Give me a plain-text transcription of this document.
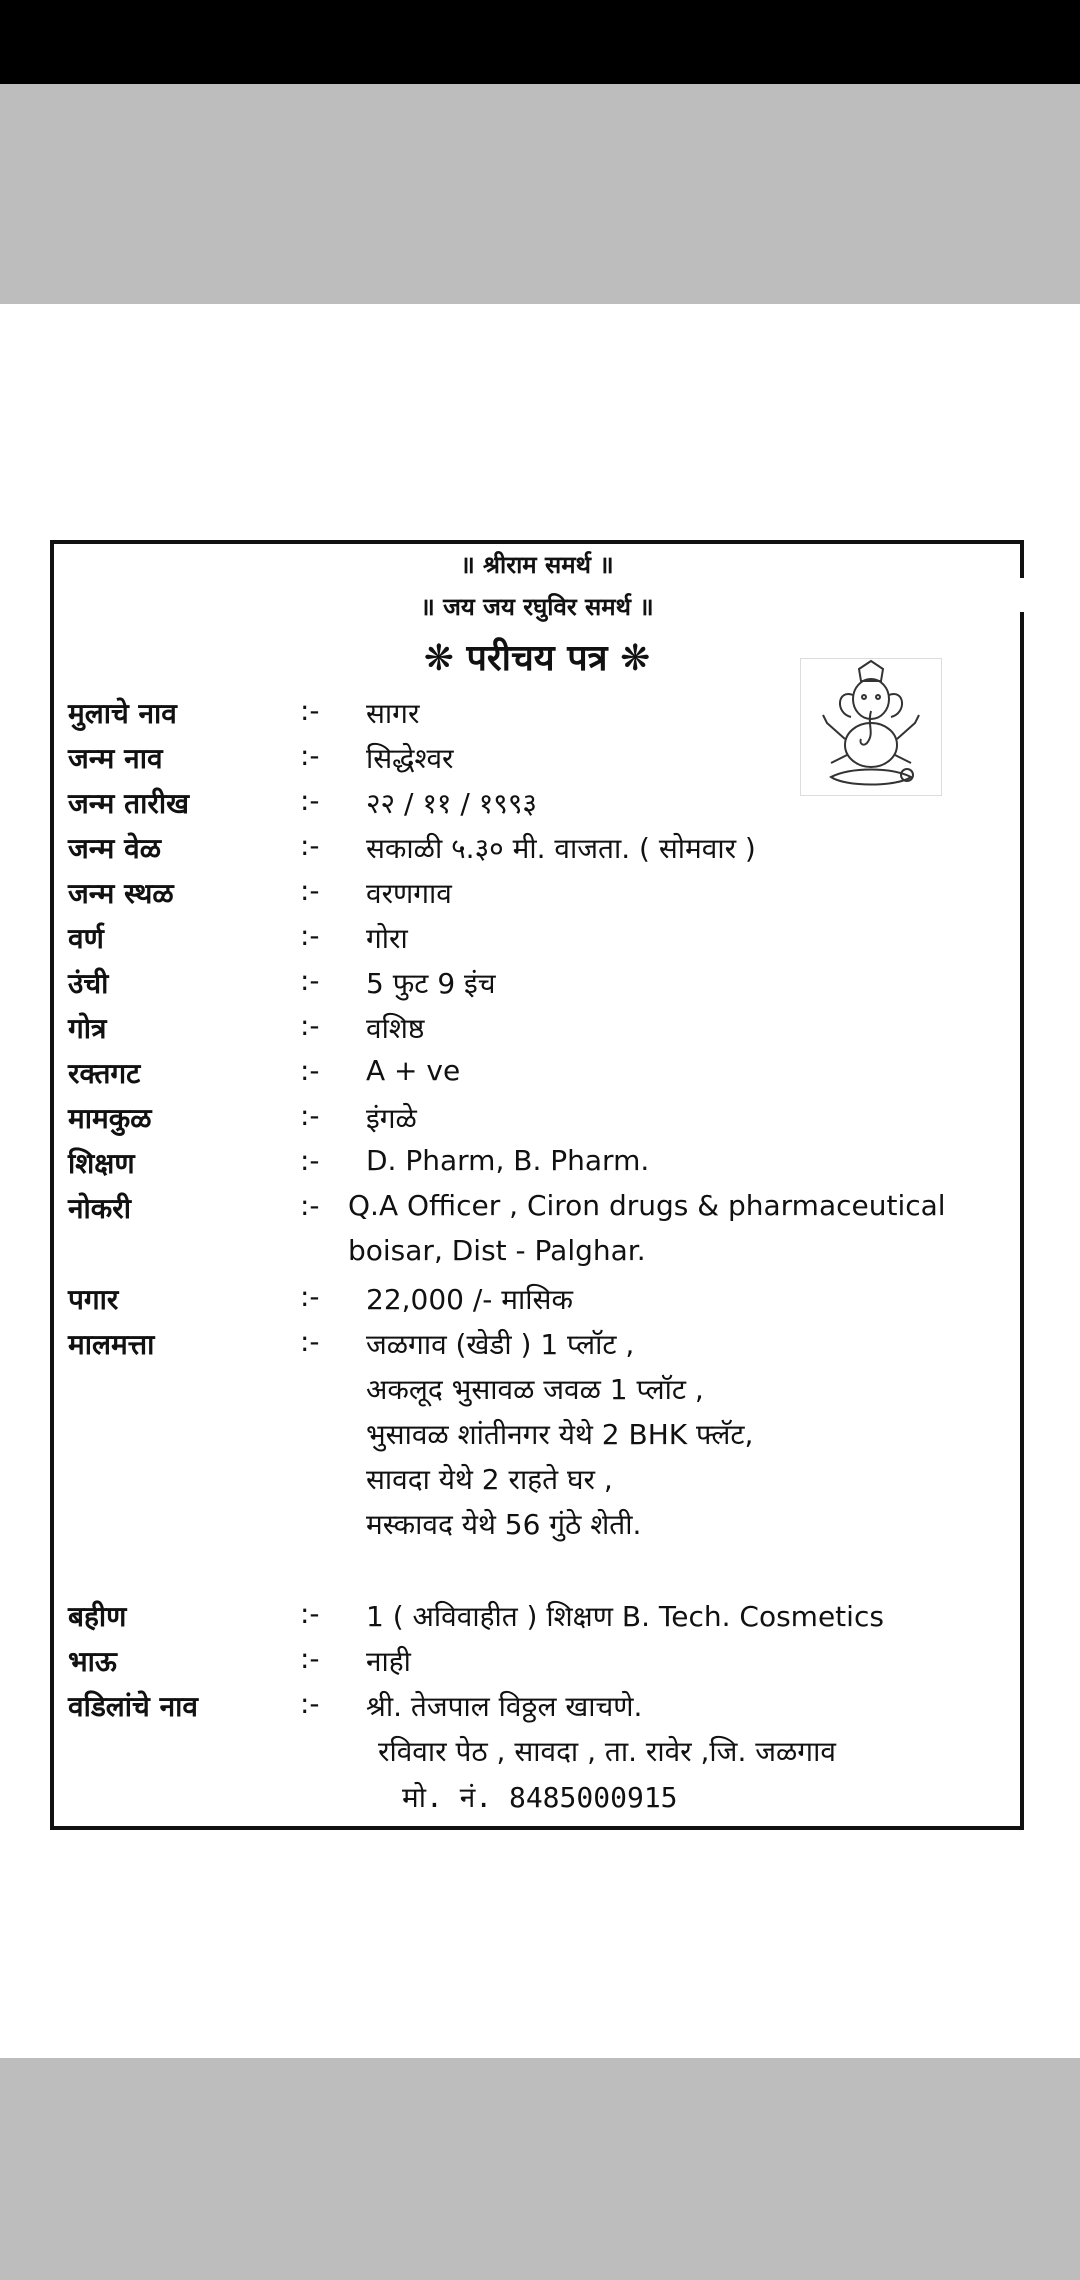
॥ श्रीराम समर्थ ॥
॥ जय जय रघुविर समर्थ ॥
❋ परीचय पत्र ❋
मुलाचे नाव	:- सागर
जन्म नाव	:- सिद्धेश्वर
जन्म तारीख	:- २२ / ११ / १९९३
जन्म वेळ	:- सकाळी ५.३० मी. वाजता. ( सोमवार )
जन्म स्थळ	:- वरणगाव
वर्ण	:- गोरा
उंची	:- 5 फुट 9 इंच
गोत्र	:- वशिष्ठ
रक्तगट	:- A + ve
मामकुळ	:- इंगळे
शिक्षण	:- D. Pharm, B. Pharm.
नोकरी	:- Q.A Officer , Ciron drugs & pharmaceutical
boisar, Dist - Palghar.
पगार	:- 22,000 /- मासिक
मालमत्ता	:- जळगाव (खेडी ) 1 प्लॉट ,
अकलूद भुसावळ जवळ 1 प्लॉट ,
भुसावळ शांतीनगर येथे 2 BHK फ्लॅट,
सावदा येथे 2 राहते घर ,
मस्कावद येथे 56 गुंठे शेती.
बहीण	:- 1 ( अविवाहीत ) शिक्षण B. Tech. Cosmetics
भाऊ	:- नाही
वडिलांचे नाव	:- श्री. तेजपाल विठ्ठल खाचणे.
रविवार पेठ , सावदा , ता. रावेर ,जि. जळगाव
मो. नं. 8485000915
